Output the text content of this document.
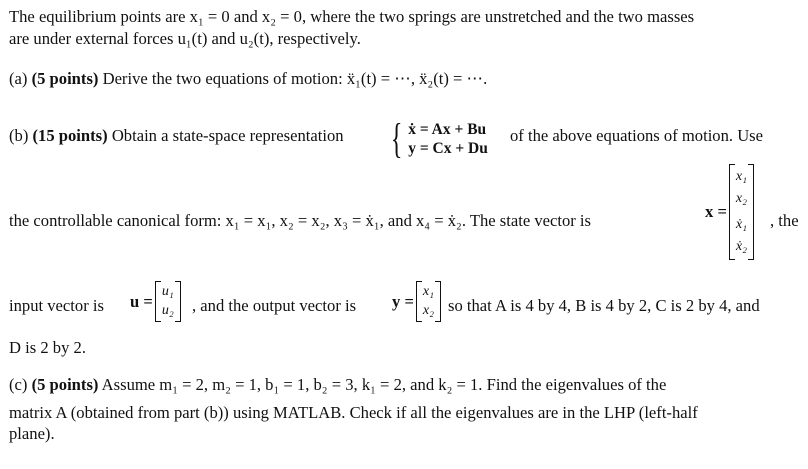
The equilibrium points are x₁ = 0 and x₂ = 0, where the two springs are unstretched and the two masses
are under external forces u₁(t) and u₂(t), respectively.
(a) (5 points) Derive the two equations of motion: ẍ₁(t) = ⋯, ẍ₂(t) = ⋯.
(b) (15 points) Obtain a state-space representation { ẋ = Ax + Bu
y = Cx + Du
of the above equations of motion. Use
the controllable canonical form: x₁ = x₁, x₂ = x₂, x₃ = ẋ₁, and x₄ = ẋ₂. The state vector is	x =
x₁
x₂
ẋ₁
ẋ₂
, the
input vector is u =
u₁
u₂ , and the output vector is y =
x₁
x₂ so that A is 4 by 4, B is 4 by 2, C is 2 by 4, and
D is 2 by 2.
(c) (5 points) Assume m₁ = 2, m₂ = 1, b₁ = 1, b₂ = 3, k₁ = 2, and k₂ = 1. Find the eigenvalues of the
matrix A (obtained from part (b)) using MATLAB. Check if all the eigenvalues are in the LHP (left-half
plane).
